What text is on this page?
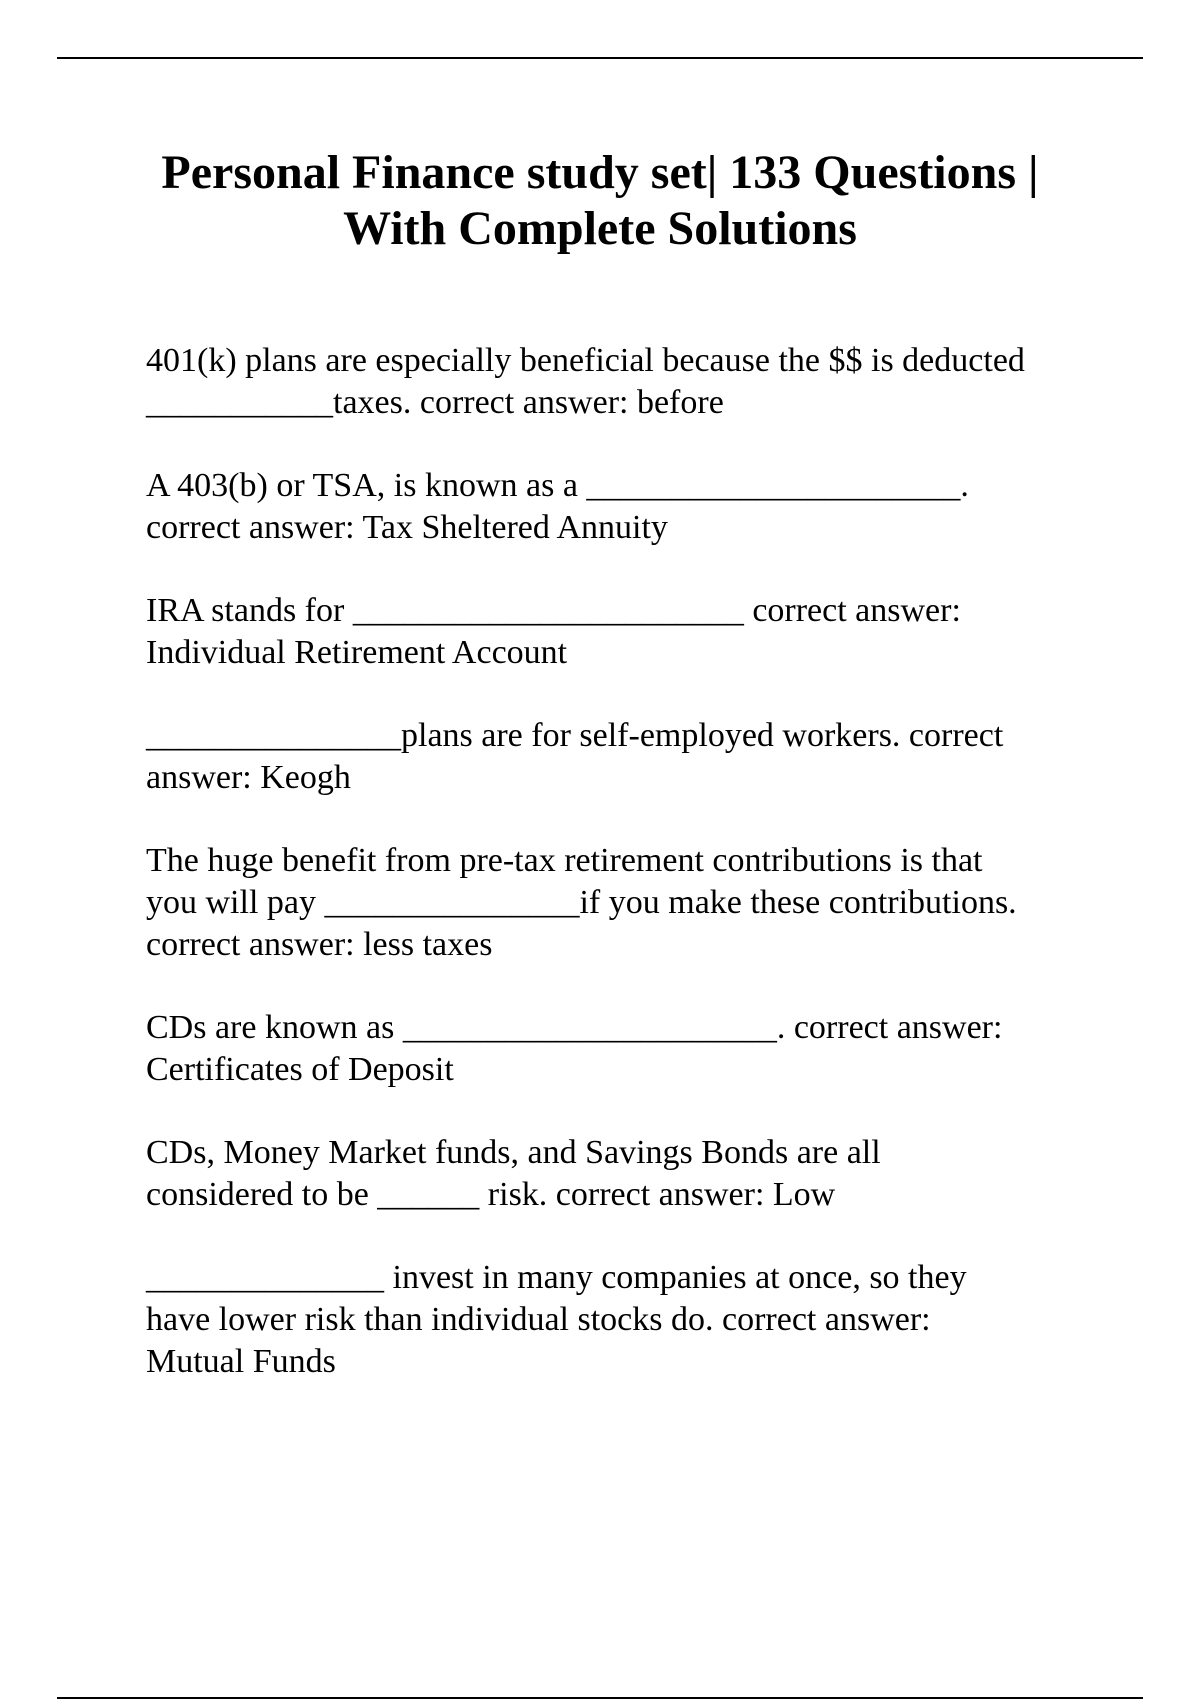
Personal Finance study set| 133 Questions |
With Complete Solutions

401(k) plans are especially beneficial because the $$ is deducted
___________taxes. correct answer: before

A 403(b) or TSA, is known as a ______________________.
correct answer: Tax Sheltered Annuity

IRA stands for _______________________ correct answer:
Individual Retirement Account

_______________plans are for self-employed workers. correct
answer: Keogh

The huge benefit from pre-tax retirement contributions is that
you will pay _______________if you make these contributions.
correct answer: less taxes

CDs are known as ______________________. correct answer:
Certificates of Deposit

CDs, Money Market funds, and Savings Bonds are all
considered to be ______ risk. correct answer: Low

______________ invest in many companies at once, so they
have lower risk than individual stocks do. correct answer:
Mutual Funds
